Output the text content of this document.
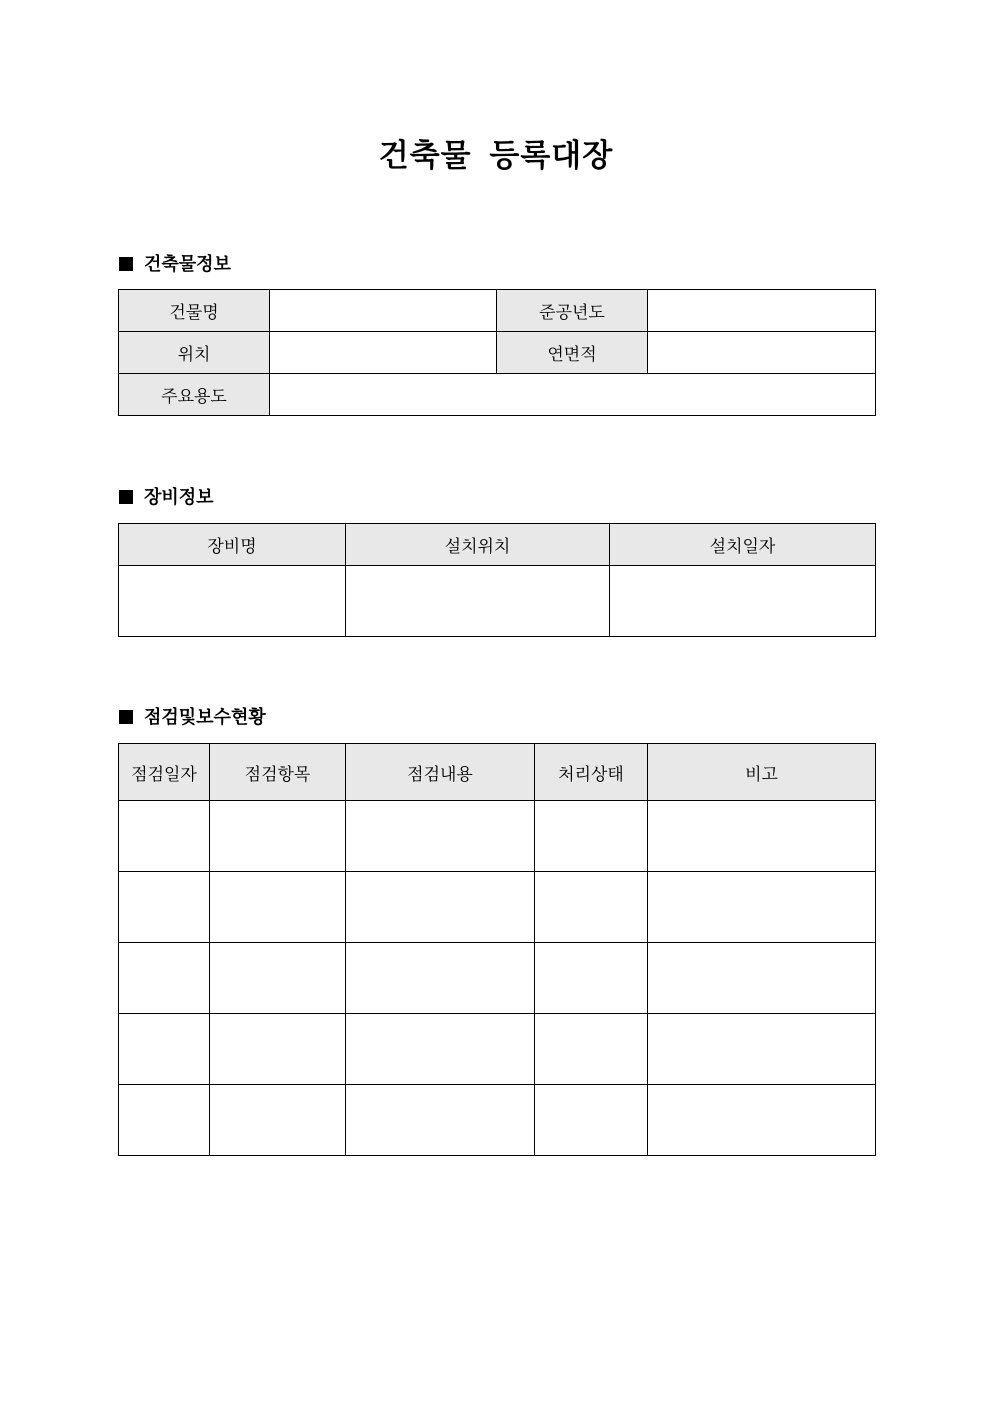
건축물 등록대장
건축물정보
건물명		준공년도	
위치		연면적	
주요용도			
장비정보
장비명	설치위치	설치일자

점검및보수현황
점검일자	점검항목	점검내용	처리상태	비고
